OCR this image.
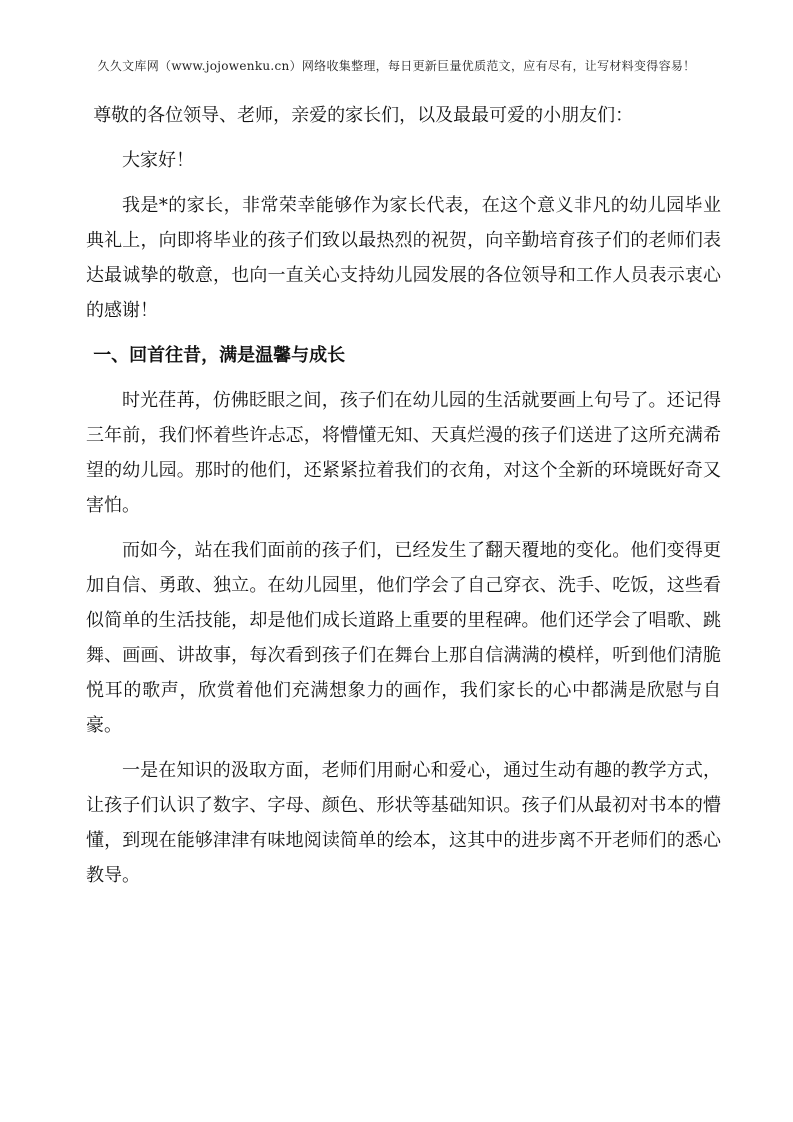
久久文库网（www.jojowenku.cn）网络收集整理，每日更新巨量优质范文，应有尽有，让写材料变得容易！

尊敬的各位领导、老师，亲爱的家长们，以及最最可爱的小朋友们：

大家好！

我是*的家长，非常荣幸能够作为家长代表，在这个意义非凡的幼儿园毕业典礼上，向即将毕业的孩子们致以最热烈的祝贺，向辛勤培育孩子们的老师们表达最诚挚的敬意，也向一直关心支持幼儿园发展的各位领导和工作人员表示衷心的感谢！

一、回首往昔，满是温馨与成长

时光荏苒，仿佛眨眼之间，孩子们在幼儿园的生活就要画上句号了。还记得三年前，我们怀着些许忐忑，将懵懂无知、天真烂漫的孩子们送进了这所充满希望的幼儿园。那时的他们，还紧紧拉着我们的衣角，对这个全新的环境既好奇又害怕。

而如今，站在我们面前的孩子们，已经发生了翻天覆地的变化。他们变得更加自信、勇敢、独立。在幼儿园里，他们学会了自己穿衣、洗手、吃饭，这些看似简单的生活技能，却是他们成长道路上重要的里程碑。他们还学会了唱歌、跳舞、画画、讲故事，每次看到孩子们在舞台上那自信满满的模样，听到他们清脆悦耳的歌声，欣赏着他们充满想象力的画作，我们家长的心中都满是欣慰与自豪。

一是在知识的汲取方面，老师们用耐心和爱心，通过生动有趣的教学方式，让孩子们认识了数字、字母、颜色、形状等基础知识。孩子们从最初对书本的懵懂，到现在能够津津有味地阅读简单的绘本，这其中的进步离不开老师们的悉心教导。
